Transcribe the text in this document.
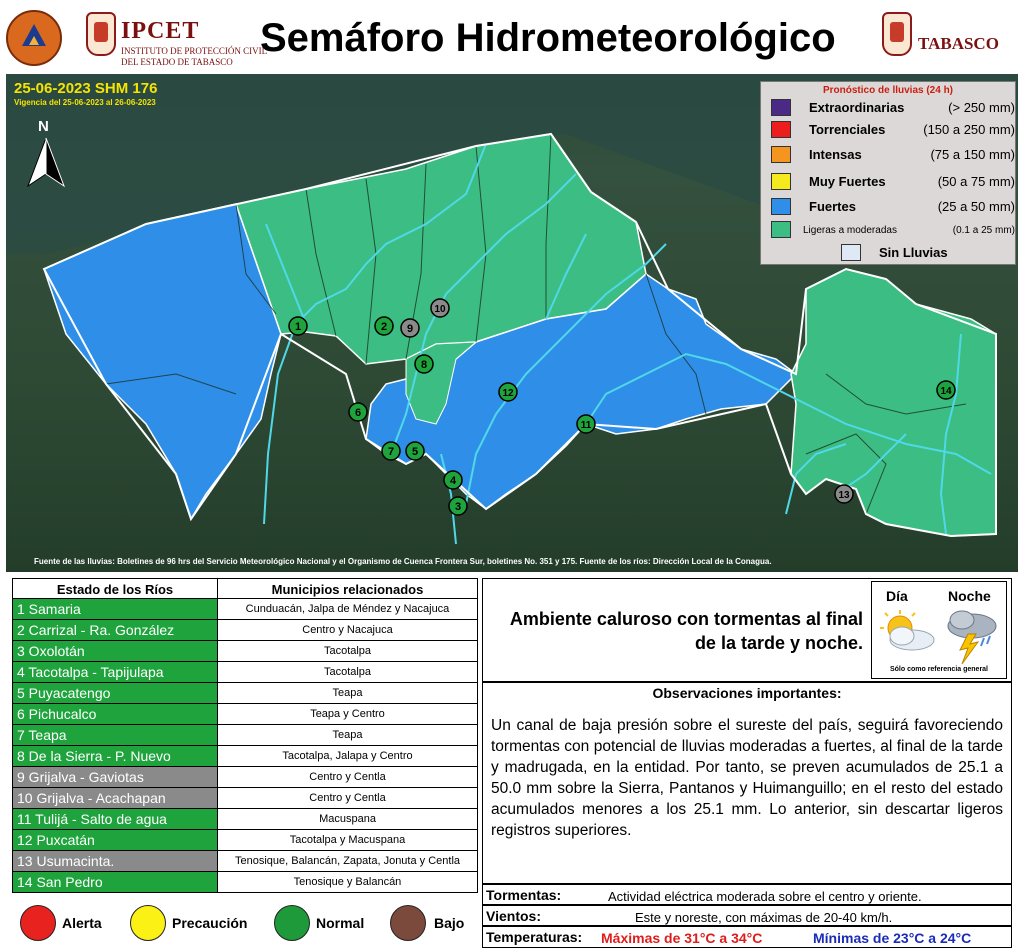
IPCET
INSTITUTO DE PROTECCIÓN CIVIL
DEL ESTADO DE TABASCO
Semáforo Hidrometeorológico	TABASCO
1	2
3
4
5
6
7
8
9
10
11
12
13
14
25-06-2023 SHM 176
Vigencia del 25-06-2023 al 26-06-2023
N
Fuente de las lluvias: Boletines de 96 hrs del Servicio Meteorológico Nacional y el Organismo de Cuenca Frontera Sur, boletines No. 351 y 175. Fuente de los ríos: Dirección Local de la Conagua.
Pronóstico de lluvias (24 h)
Extraordinarias	(> 250 mm)
Torrenciales	(150 a 250 mm)
Intensas	(75 a 150 mm)
Muy Fuertes	(50 a 75 mm)
Fuertes	(25 a 50 mm)
Ligeras a moderadas	(0.1 a 25 mm)
Sin Lluvias
Estado de los Ríos	Municipios relacionados
1 Samaria	Cunduacán, Jalpa de Méndez y Nacajuca
2 Carrizal - Ra. González	Centro y Nacajuca
3 Oxolotán	Tacotalpa
4 Tacotalpa - Tapijulapa	Tacotalpa
5 Puyacatengo	Teapa
6 Pichucalco	Teapa y Centro
7 Teapa	Teapa
8 De la Sierra - P. Nuevo	Tacotalpa, Jalapa y Centro
9 Grijalva - Gaviotas	Centro y Centla
10 Grijalva - Acachapan	Centro y Centla
11 Tulijá - Salto de agua	Macuspana
12 Puxcatán	Tacotalpa y Macuspana
13 Usumacinta.	Tenosique, Balancán, Zapata, Jonuta y Centla
14 San Pedro	Tenosique y Balancán
Alerta	Precaución	Normal	Bajo
Ambiente caluroso con tormentas al final de la tarde y noche.
Día	Noche
Sólo como referencia general
Observaciones importantes:
Un canal de baja presión sobre el sureste del país, seguirá favoreciendo tormentas con potencial de lluvias moderadas a fuertes, al final de la tarde y madrugada, en la entidad. Por tanto, se preven acumulados de 25.1 a 50.0 mm sobre la Sierra, Pantanos y Huimanguillo; en el resto del estado acumulados menores a los 25.1 mm. Lo anterior, sin descartar ligeros registros superiores.
Tormentas:	Actividad eléctrica moderada sobre el centro y oriente.
Vientos:	Este y noreste, con máximas de 20-40 km/h.
Temperaturas: Máximas de 31°C a 34°C	Mínimas de 23°C a 24°C
